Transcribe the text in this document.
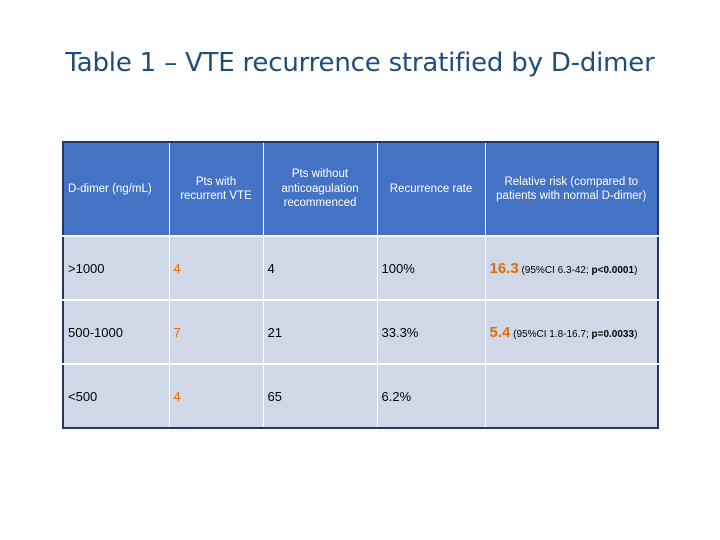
Table 1 – VTE recurrence stratified by D-dimer
D-dimer (ng/mL)	Pts with recurrent VTE	Pts without anticoagulation recommenced	Recurrence rate	Relative risk (compared to patients with normal D-dimer)
>1000	4	4	100%	16.3 (95%CI 6.3-42; p<0.0001)
500-1000	7	21	33.3%	5.4 (95%CI 1.8-16.7; p=0.0033)
<500	4	65	6.2%	
